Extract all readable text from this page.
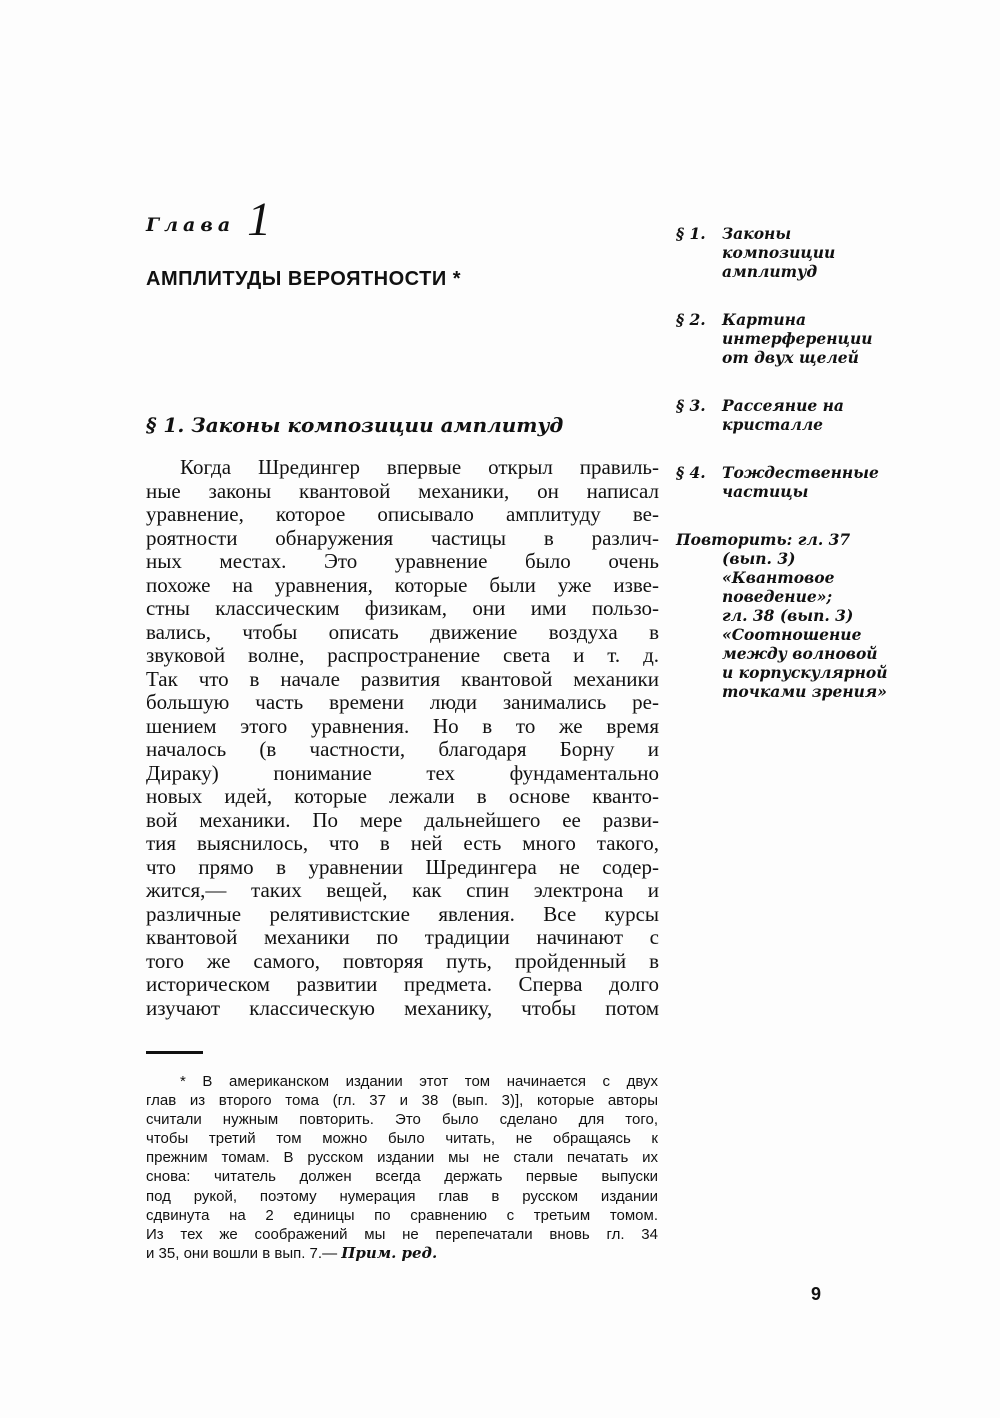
Глава 1
АМПЛИТУДЫ ВЕРОЯТНОСТИ *
§ 1. Законы композиции амплитуд
Когда Шредингер впервые открыл правиль-
ные законы квантовой механики, он написал
уравнение, которое описывало амплитуду ве-
роятности обнаружения частицы в различ-
ных местах. Это уравнение было очень
похоже на уравнения, которые были уже изве-
стны классическим физикам, они ими пользо-
вались, чтобы описать движение воздуха в
звуковой волне, распространение света и т. д.
Так что в начале развития квантовой механики
большую часть времени люди занимались ре-
шением этого уравнения. Но в то же время
началось (в частности, благодаря Борну и
Дираку) понимание тех фундаментально
новых идей, которые лежали в основе кванто-
вой механики. По мере дальнейшего ее разви-
тия выяснилось, что в ней есть много такого,
что прямо в уравнении Шредингера не содер-
жится,— таких вещей, как спин электрона и
различные релятивистские явления. Все курсы
квантовой механики по традиции начинают с
того же самого, повторяя путь, пройденный в
историческом развитии предмета. Сперва долго
изучают классическую механику, чтобы потом
§ 1. Законы
композиции
амплитуд
§ 2. Картина
интерференции
от двух щелей
§ 3. Рассеяние на
кристалле
§ 4. Тождественные
частицы
Повторить: гл. 37
(вып. 3)
«Квантовое
поведение»;
гл. 38 (вып. 3)
«Соотношение
между волновой
и корпускулярной
точками зрения»
* В американском издании этот том начинается с двух
глав из второго тома (гл. 37 и 38 (вып. 3)], которые авторы
считали нужным повторить. Это было сделано для того,
чтобы третий том можно было читать, не обращаясь к
прежним томам. В русском издании мы не стали печатать их
снова: читатель должен всегда держать первые выпуски
под рукой, поэтому нумерация глав в русском издании
сдвинута на 2 единицы по сравнению с третьим томом.
Из тех же соображений мы не перепечатали вновь гл. 34
и 35, они вошли в вып. 7.— Прим. ред.
9
